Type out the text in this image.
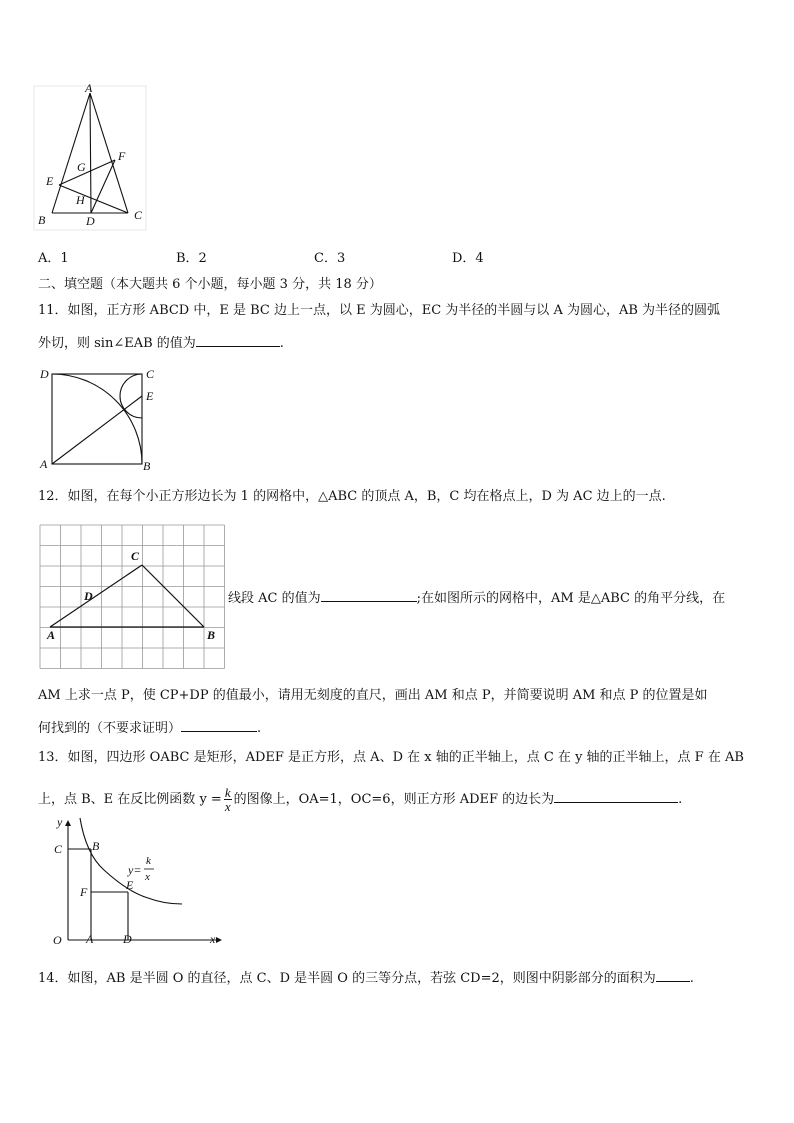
A
F
G
E
H
B	D	C
A．1	B．2	C．3	D．4
二、填空题（本大题共 6 个小题，每小题 3 分，共 18 分）
11．如图，正方形 ABCD 中，E 是 BC 边上一点，以 E 为圆心，EC 为半径的半圆与以 A 为圆心，AB 为半径的圆弧
外切，则 sin∠EAB 的值为	.
D	C
E
A	B
12．如图，在每个小正方形边长为 1 的网格中，△ABC 的顶点 A，B，C 均在格点上，D 为 AC 边上的一点.
C
D
A	B
线段 AC 的值为	;在如图所示的网格中，AM 是△ABC 的角平分线，在
AM 上求一点 P，使 CP+DP 的值最小，请用无刻度的直尺，画出 AM 和点 P，并简要说明 AM 和点 P 的位置是如
何找到的（不要求证明）	.
13．如图，四边形 OABC 是矩形，ADEF 是正方形，点 A、D 在 x 轴的正半轴上，点 C 在 y 轴的正半轴上，点 F 在 AB
上，点 B、E 在反比例函数 $y = \frac{k}{x}$ 的图像上，OA=1，OC=6，则正方形 ADEF 的边长为	.
y
C B
y=
k
x
F	E
O A D	x
14．如图，AB 是半圆 O 的直径，点 C、D 是半圆 O 的三等分点，若弦 CD=2，则图中阴影部分的面积为	.
